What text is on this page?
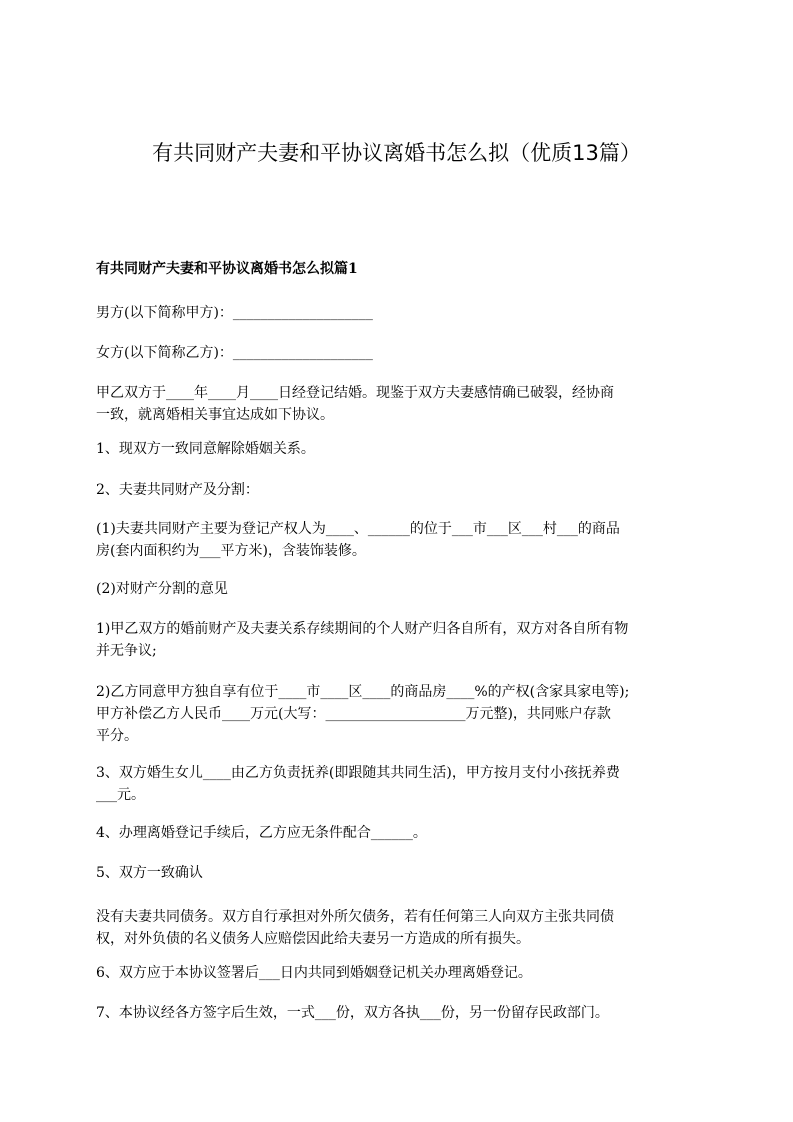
有共同财产夫妻和平协议离婚书怎么拟（优质13篇）
有共同财产夫妻和平协议离婚书怎么拟篇1
男方(以下简称甲方)：____________________
女方(以下简称乙方)：____________________
甲乙双方于____年____月____日经登记结婚。现鉴于双方夫妻感情确已破裂，经协商
一致，就离婚相关事宜达成如下协议。
1、现双方一致同意解除婚姻关系。
2、夫妻共同财产及分割：
(1)夫妻共同财产主要为登记产权人为____、______的位于___市___区___村___的商品
房(套内面积约为___平方米)，含装饰装修。
(2)对财产分割的意见
1)甲乙双方的婚前财产及夫妻关系存续期间的个人财产归各自所有，双方对各自所有物
并无争议;
2)乙方同意甲方独自享有位于____市____区____的商品房____%的产权(含家具家电等);
甲方补偿乙方人民币____万元(大写：____________________万元整)，共同账户存款
平分。
3、双方婚生女儿____由乙方负责抚养(即跟随其共同生活)，甲方按月支付小孩抚养费
___元。
4、办理离婚登记手续后，乙方应无条件配合______。
5、双方一致确认
没有夫妻共同债务。双方自行承担对外所欠债务，若有任何第三人向双方主张共同债
权，对外负债的名义债务人应赔偿因此给夫妻另一方造成的所有损失。
6、双方应于本协议签署后___日内共同到婚姻登记机关办理离婚登记。
7、本协议经各方签字后生效，一式___份，双方各执___份，另一份留存民政部门。
